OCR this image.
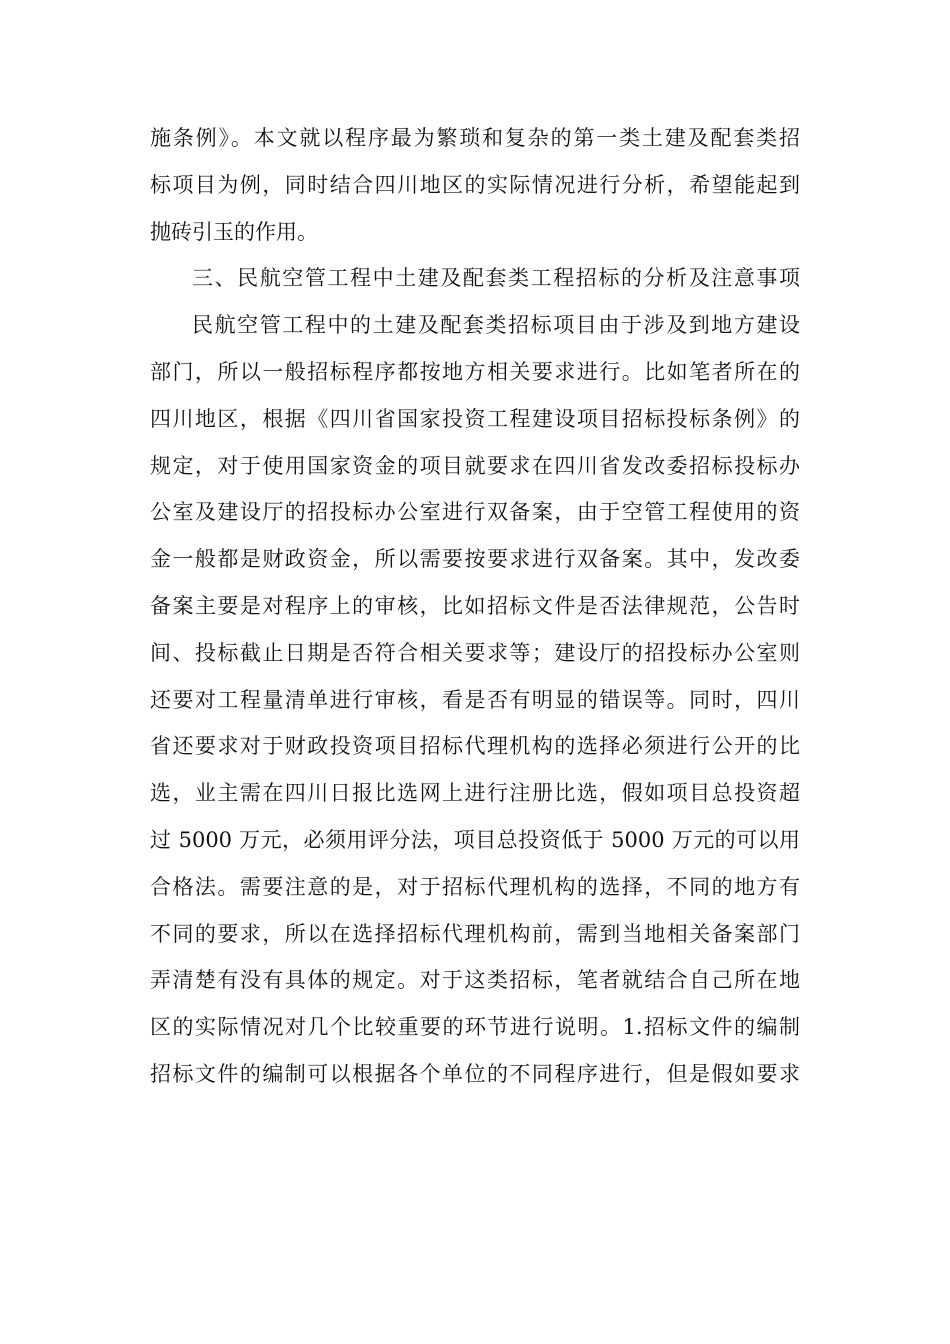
施条例》。本文就以程序最为繁琐和复杂的第一类土建及配套类招
标项目为例，同时结合四川地区的实际情况进行分析，希望能起到
抛砖引玉的作用。
三、民航空管工程中土建及配套类工程招标的分析及注意事项
民航空管工程中的土建及配套类招标项目由于涉及到地方建设
部门，所以一般招标程序都按地方相关要求进行。比如笔者所在的
四川地区，根据《四川省国家投资工程建设项目招标投标条例》的
规定，对于使用国家资金的项目就要求在四川省发改委招标投标办
公室及建设厅的招投标办公室进行双备案，由于空管工程使用的资
金一般都是财政资金，所以需要按要求进行双备案。其中，发改委
备案主要是对程序上的审核，比如招标文件是否法律规范，公告时
间、投标截止日期是否符合相关要求等；建设厅的招投标办公室则
还要对工程量清单进行审核，看是否有明显的错误等。同时，四川
省还要求对于财政投资项目招标代理机构的选择必须进行公开的比
选，业主需在四川日报比选网上进行注册比选，假如项目总投资超
过 5000 万元，必须用评分法，项目总投资低于 5000 万元的可以用
合格法。需要注意的是，对于招标代理机构的选择，不同的地方有
不同的要求，所以在选择招标代理机构前，需到当地相关备案部门
弄清楚有没有具体的规定。对于这类招标，笔者就结合自己所在地
区的实际情况对几个比较重要的环节进行说明。1.招标文件的编制
招标文件的编制可以根据各个单位的不同程序进行，但是假如要求
